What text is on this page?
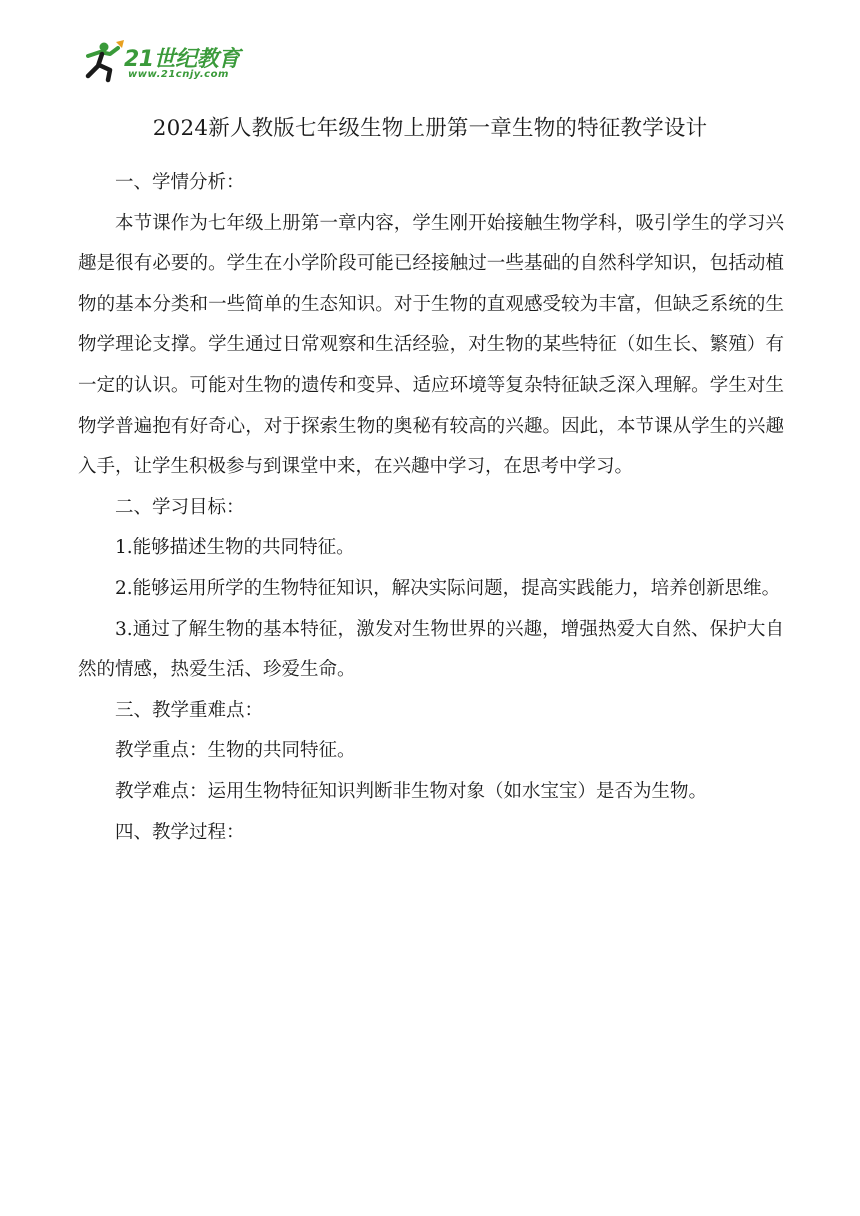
21世纪教育
www.21cnjy.com
2024新人教版七年级生物上册第一章生物的特征教学设计

一、学情分析：

本节课作为七年级上册第一章内容，学生刚开始接触生物学科，吸引学生的学习兴趣是很有必要的。学生在小学阶段可能已经接触过一些基础的自然科学知识，包括动植物的基本分类和一些简单的生态知识。对于生物的直观感受较为丰富，但缺乏系统的生物学理论支撑。学生通过日常观察和生活经验，对生物的某些特征（如生长、繁殖）有一定的认识。可能对生物的遗传和变异、适应环境等复杂特征缺乏深入理解。学生对生物学普遍抱有好奇心，对于探索生物的奥秘有较高的兴趣。因此，本节课从学生的兴趣入手，让学生积极参与到课堂中来，在兴趣中学习，在思考中学习。

二、学习目标：

1.能够描述生物的共同特征。

2.能够运用所学的生物特征知识，解决实际问题，提高实践能力，培养创新思维。

3.通过了解生物的基本特征，激发对生物世界的兴趣，增强热爱大自然、保护大自然的情感，热爱生活、珍爱生命。

三、教学重难点：

教学重点：生物的共同特征。

教学难点：运用生物特征知识判断非生物对象（如水宝宝）是否为生物。

四、教学过程：
